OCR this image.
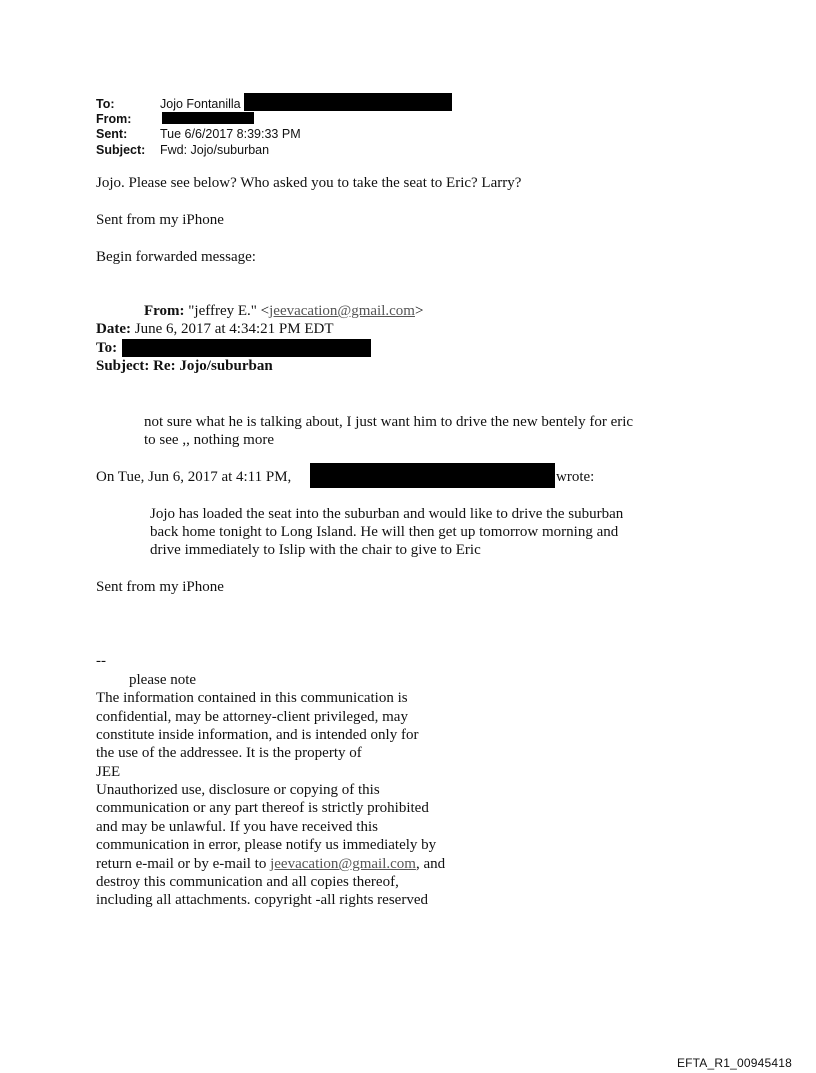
To:	Jojo Fontanilla
From:
Sent:	Tue 6/6/2017 8:39:33 PM
Subject: Fwd: Jojo/suburban
Jojo. Please see below? Who asked you to take the seat to Eric? Larry?
Sent from my iPhone
Begin forwarded message:
From: "jeffrey E." <jeevacation@gmail.com>
Date: June 6, 2017 at 4:34:21 PM EDT
To:
Subject: Re: Jojo/suburban
not sure what he is talking about, I just want him to drive the new bentely for eric
to see ,, nothing more
On Tue, Jun 6, 2017 at 4:11 PM,	wrote:
Jojo has loaded the seat into the suburban and would like to drive the suburban
back home tonight to Long Island. He will then get up tomorrow morning and
drive immediately to Islip with the chair to give to Eric
Sent from my iPhone
--
please note
The information contained in this communication is
confidential, may be attorney-client privileged, may
constitute inside information, and is intended only for
the use of the addressee. It is the property of
JEE
Unauthorized use, disclosure or copying of this
communication or any part thereof is strictly prohibited
and may be unlawful. If you have received this
communication in error, please notify us immediately by
return e-mail or by e-mail to jeevacation@gmail.com, and
destroy this communication and all copies thereof,
including all attachments. copyright -all rights reserved
EFTA_R1_00945418
